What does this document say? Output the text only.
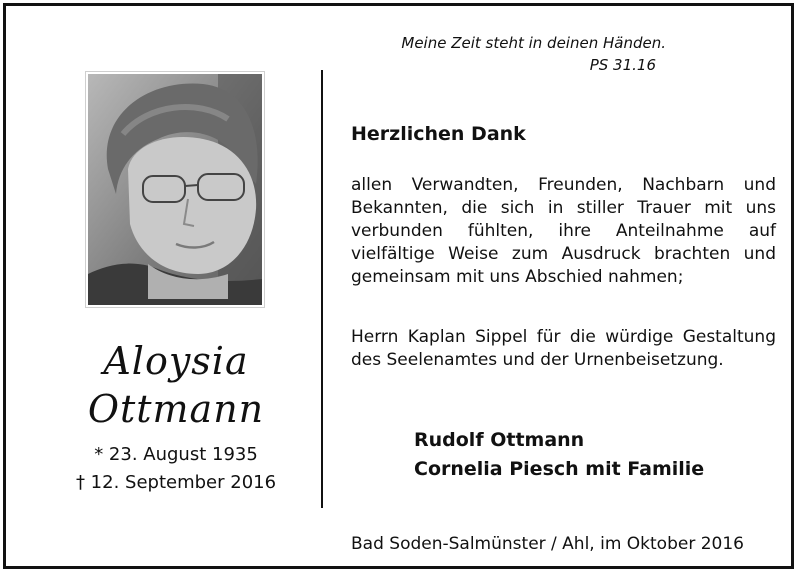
Meine Zeit steht in deinen Händen.
PS 31.16
Aloysia
Ottmann
* 23. August 1935
† 12. September 2016
Herzlichen Dank
allen Verwandten, Freunden, Nachbarn und Bekannten, die sich in stiller Trauer mit uns verbunden fühlten, ihre Anteilnahme auf vielfältige Weise zum Ausdruck brachten und gemeinsam mit uns Abschied nahmen;
Herrn Kaplan Sippel für die würdige Gestaltung des Seelenamtes und der Urnenbeisetzung.
Rudolf Ottmann
Cornelia Piesch mit Familie
Bad Soden-Salmünster / Ahl, im Oktober 2016
